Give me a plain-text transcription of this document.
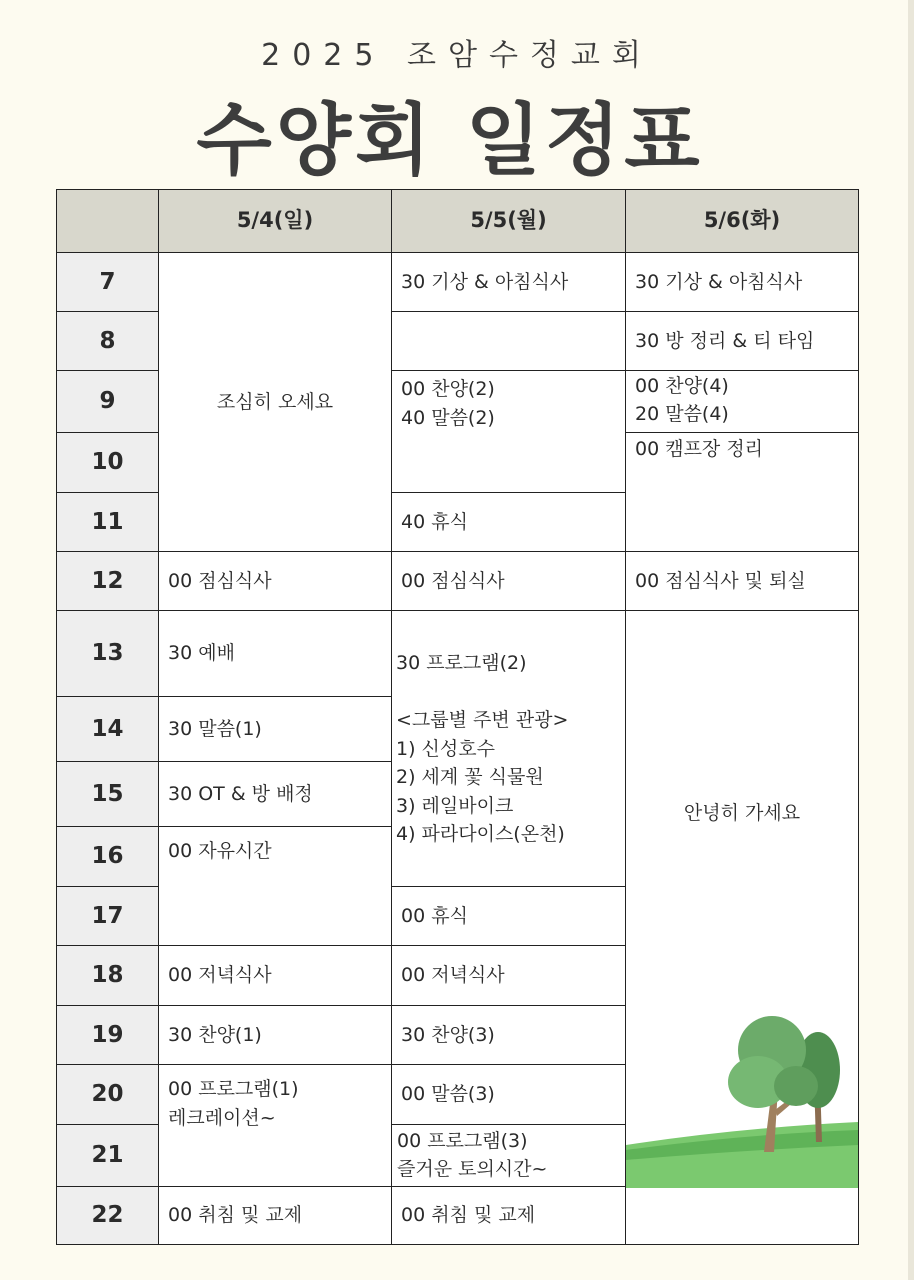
2025 조암수정교회
수양회 일정표
5/4(일)	5/5(월)	5/6(화)
7
8
9
10
11
12
13
14
15
16
17
18
19
20
21
22
조심히 오세요
00 점심식사
30 예배
30 말씀(1)
30 OT & 방 배정
00 자유시간
00 저녁식사
30 찬양(1)
00 프로그램(1)
레크레이션~
00 취침 및 교제
30 기상 & 아침식사
00 찬양(2)
40 말씀(2)
40 휴식
00 점심식사
30 프로그램(2)

<그룹별 주변 관광>
1) 신성호수
2) 세계 꽃 식물원
3) 레일바이크
4) 파라다이스(온천)
00 휴식
00 저녁식사
30 찬양(3)
00 말씀(3)
00 프로그램(3)
즐거운 토의시간~
00 취침 및 교제
30 기상 & 아침식사
30 방 정리 & 티 타임
00 찬양(4)
20 말씀(4)
00 캠프장 정리
00 점심식사 및 퇴실
안녕히 가세요
